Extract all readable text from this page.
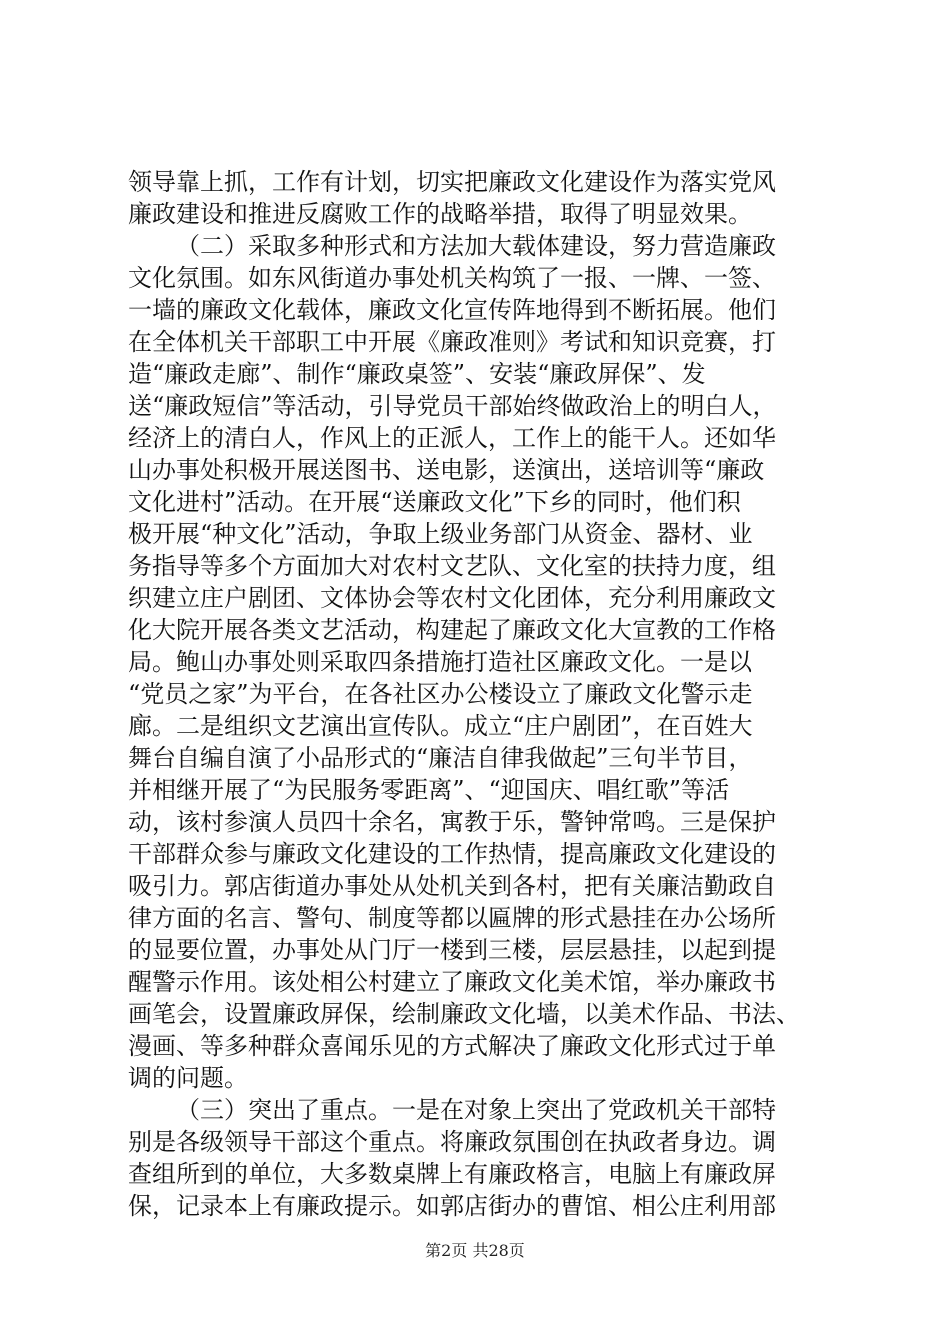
领导靠上抓，工作有计划，切实把廉政文化建设作为落实党风
廉政建设和推进反腐败工作的战略举措，取得了明显效果。
（二）采取多种形式和方法加大载体建设，努力营造廉政
文化氛围。如东风街道办事处机关构筑了一报、一牌、一签、
一墙的廉政文化载体，廉政文化宣传阵地得到不断拓展。他们
在全体机关干部职工中开展《廉政准则》考试和知识竞赛，打
造“廉政走廊”、制作“廉政桌签”、安装“廉政屏保”、发
送“廉政短信”等活动，引导党员干部始终做政治上的明白人，
经济上的清白人，作风上的正派人，工作上的能干人。还如华
山办事处积极开展送图书、送电影，送演出，送培训等“廉政
文化进村”活动。在开展“送廉政文化”下乡的同时，他们积
极开展“种文化”活动，争取上级业务部门从资金、器材、业
务指导等多个方面加大对农村文艺队、文化室的扶持力度，组
织建立庄户剧团、文体协会等农村文化团体，充分利用廉政文
化大院开展各类文艺活动，构建起了廉政文化大宣教的工作格
局。鲍山办事处则采取四条措施打造社区廉政文化。一是以
“党员之家”为平台，在各社区办公楼设立了廉政文化警示走
廊。二是组织文艺演出宣传队。成立“庄户剧团”，在百姓大
舞台自编自演了小品形式的“廉洁自律我做起”三句半节目，
并相继开展了“为民服务零距离”、“迎国庆、唱红歌”等活
动，该村参演人员四十余名，寓教于乐，警钟常鸣。三是保护
干部群众参与廉政文化建设的工作热情，提高廉政文化建设的
吸引力。郭店街道办事处从处机关到各村，把有关廉洁勤政自
律方面的名言、警句、制度等都以匾牌的形式悬挂在办公场所
的显要位置，办事处从门厅一楼到三楼，层层悬挂，以起到提
醒警示作用。该处相公村建立了廉政文化美术馆，举办廉政书
画笔会，设置廉政屏保，绘制廉政文化墙，以美术作品、书法、
漫画、等多种群众喜闻乐见的方式解决了廉政文化形式过于单
调的问题。
（三）突出了重点。一是在对象上突出了党政机关干部特
别是各级领导干部这个重点。将廉政氛围创在执政者身边。调
查组所到的单位，大多数桌牌上有廉政格言，电脑上有廉政屏
保，记录本上有廉政提示。如郭店街办的曹馆、相公庄利用部
第2页 共28页
